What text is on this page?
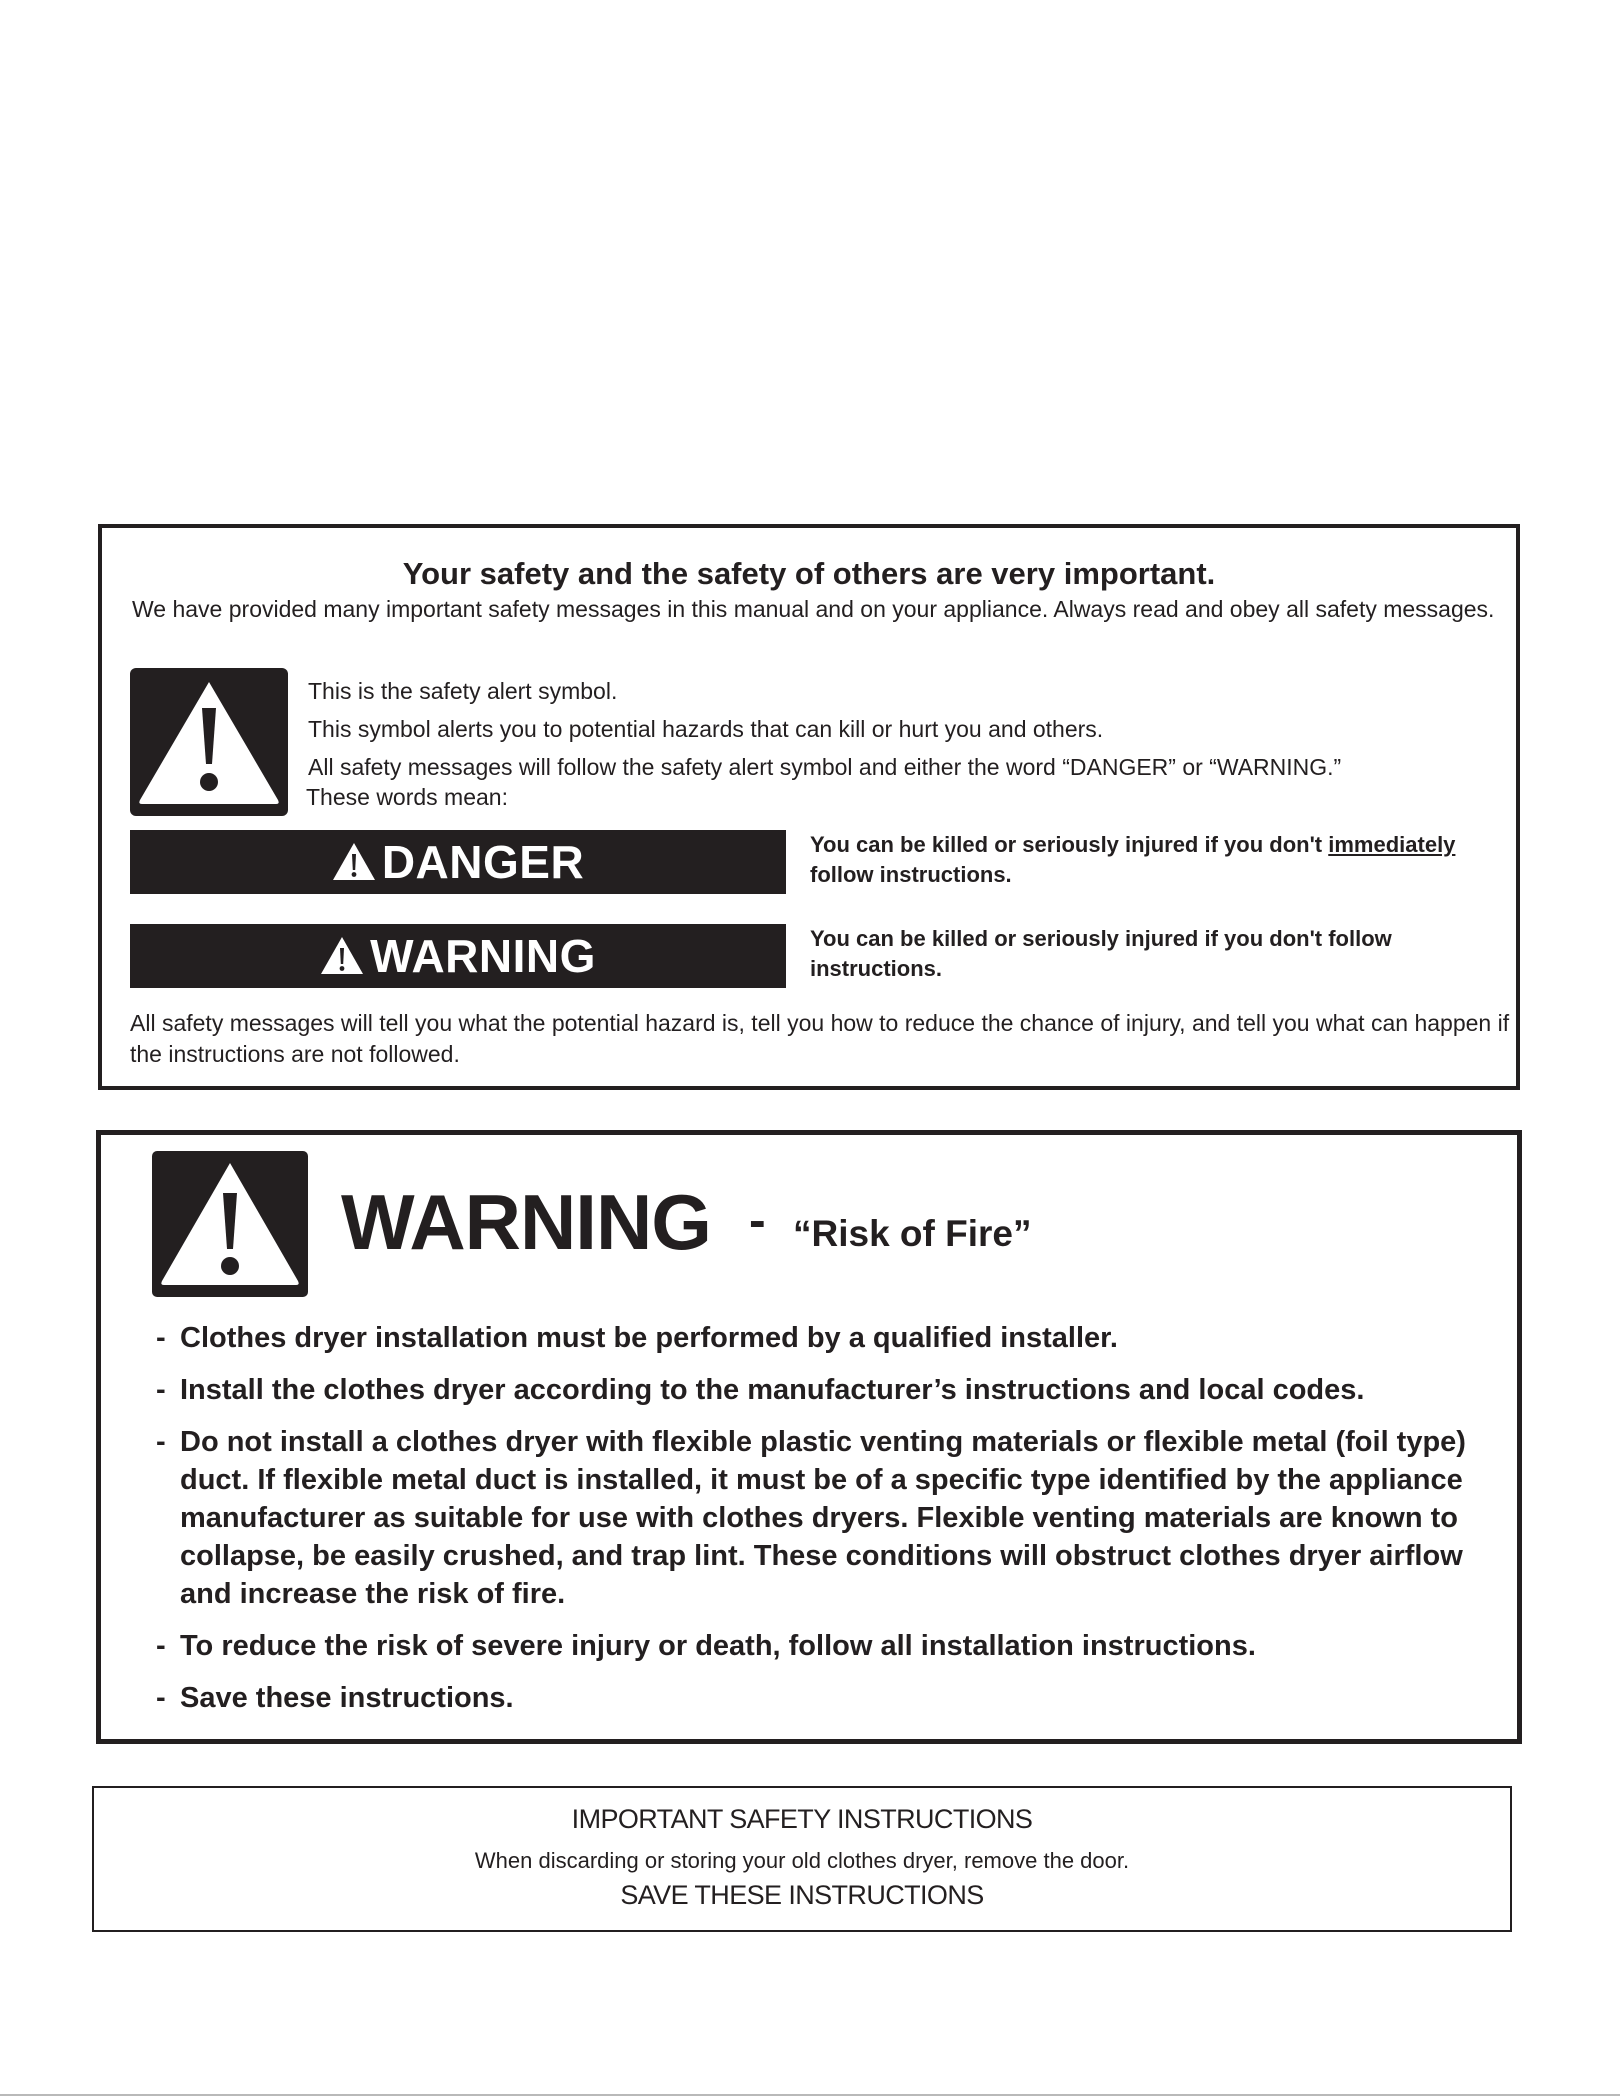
Your safety and the safety of others are very important.
We have provided many important safety messages in this manual and on your appliance. Always read and obey all safety messages.
This is the safety alert symbol.
This symbol alerts you to potential hazards that can kill or hurt you and others.
All safety messages will follow the safety alert symbol and either the word “DANGER” or “WARNING.”
These words mean:
DANGER	You can be killed or seriously injured if you don't immediately follow instructions.
WARNING	You can be killed or seriously injured if you don't follow instructions.
All safety messages will tell you what the potential hazard is, tell you how to reduce the chance of injury, and tell you what can happen if the instructions are not followed.
WARNING - “Risk of Fire”
- Clothes dryer installation must be performed by a qualified installer.
- Install the clothes dryer according to the manufacturer’s instructions and local codes.
- Do not install a clothes dryer with flexible plastic venting materials or flexible metal (foil type) duct. If flexible metal duct is installed, it must be of a specific type identified by the appliance manufacturer as suitable for use with clothes dryers. Flexible venting materials are known to collapse, be easily crushed, and trap lint. These conditions will obstruct clothes dryer airflow and increase the risk of fire.
- To reduce the risk of severe injury or death, follow all installation instructions.
- Save these instructions.
IMPORTANT SAFETY INSTRUCTIONS
When discarding or storing your old clothes dryer, remove the door.
SAVE THESE INSTRUCTIONS
